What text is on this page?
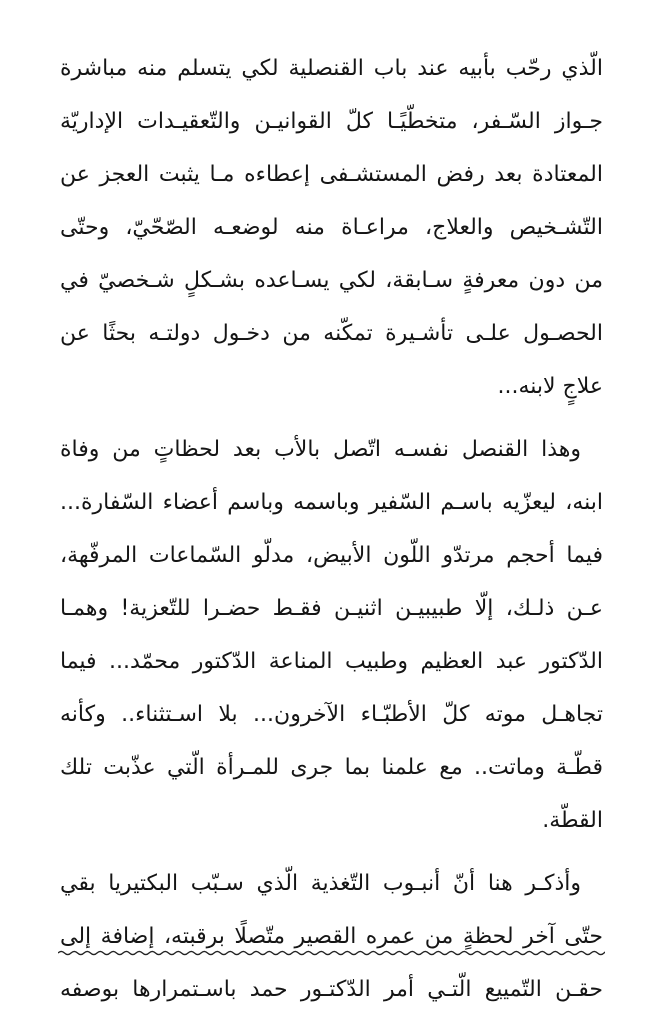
الّذي رحّب بأبيه عند باب القنصلية لكي يتسلم منه مباشرة
جـواز السّـفر، متخطّيًـا كلّ القوانيـن والتّعقيـدات الإداريّة
المعتادة بعد رفض المستشـفى إعطاءه مـا يثبت العجز عن
التّشـخيص والعلاج، مراعـاة منه لوضعـه الصّحّيّ، وحتّى
من دون معرفةٍ سـابقة، لكي يسـاعده بشـكلٍ شـخصيّ في
الحصـول علـى تأشـيرة تمكّنه من دخـول دولتـه بحثًا عن
علاجٍ لابنه...
وهذا القنصل نفسـه اتّصل بالأب بعد لحظاتٍ من وفاة
ابنه، ليعزّيه باسـم السّفير وباسمه وباسم أعضاء السّفارة...
فيما أحجم مرتدّو اللّون الأبيض، مدلّو السّماعات المرفّهة،
عـن ذلـك، إلّا طبيبيـن اثنيـن فقـط حضـرا للتّعزية! وهمـا
الدّكتور عبد العظيم وطبيب المناعة الدّكتور محمّد... فيما
تجاهـل موته كلّ الأطبّـاء الآخرون... بلا اسـتثناء.. وكأنه
قطّـة وماتت.. مع علمنا بما جرى للمـرأة الّتي عذّبت تلك
القطّة.
وأذكـر هنا أنّ أنبـوب التّغذية الّذي سـبّب البكتيريا بقي
حتّى آخر لحظةٍ من عمره القصير متّصلًا برقبته، إضافة إلى
حقـن التّمييع الّتـي أمر الدّكتـور حمد باسـتمرارها بوصفه
